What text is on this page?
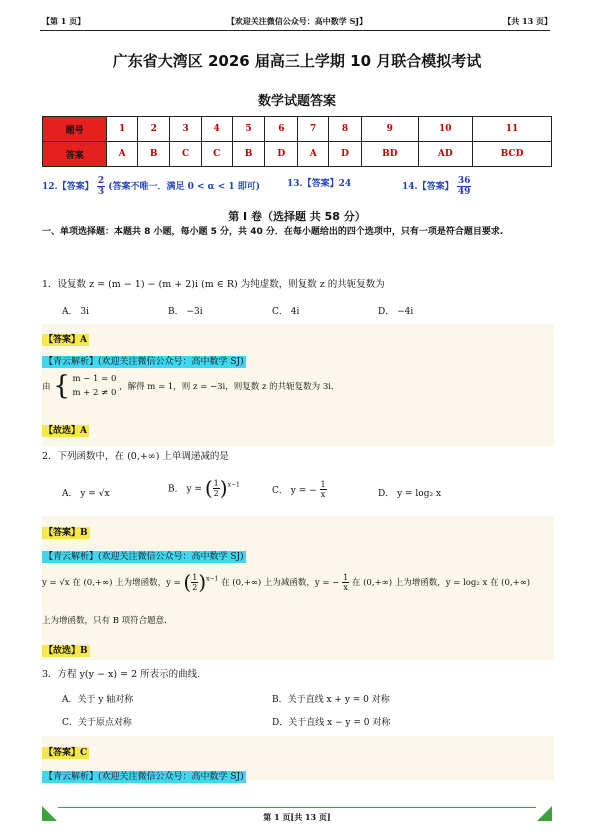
【第 1 页】	【欢迎关注微信公众号：高中数学 SJ】	【共 13 页】
广东省大湾区 2026 届高三上学期 10 月联合模拟考试
数学试题答案
题号	1	2	3	4	5	6	7	8	9	10	11
答案	A	B	C	C	B	D	A	D	BD	AD	BCD
12.【答案】 $\frac{2}{3}$ (答案不唯一．满足 0 < α < 1 即可)	13.【答案】24	14.【答案】 $\frac{36}{49}$
第 I 卷（选择题 共 58 分）
一、单项选择题：本题共 8 小题，每小题 5 分，共 40 分．在每小题给出的四个选项中，只有一项是符合题目要求.
1．设复数 z = (m − 1) − (m + 2)i (m ∈ R) 为纯虚数，则复数 z 的共轭复数为
A． 3i	B． −3i	C． 4i	D． −4i
【答案】A
【青云解析】(欢迎关注微信公众号：高中数学 SJ)
由 { m − 1 = 0
m + 2 ≠ 0
，解得 m = 1，则 z = −3i，则复数 z 的共轭复数为 3i．
【故选】A
2．下列函数中，在 (0,+∞) 上单调递减的是
A． y = √x	B． y = ( $\frac{1}{2} )^{x-1}$
C． y = − $\frac{1}{x}$	D． y = log₂ x
【答案】B
【青云解析】(欢迎关注微信公众号：高中数学 SJ)
y = √x 在 (0,+∞) 上为增函数，y = ( $\frac{1}{2} )^{x-1}$ 在 (0,+∞) 上为减函数，y = − $\frac{1}{x}$ 在 (0,+∞) 上为增函数，y = log₂ x 在 (0,+∞)
上为增函数，只有 B 项符合题意．
【故选】B
3．方程 y(y − x) = 2 所表示的曲线.
A．关于 y 轴对称	B．关于直线 x + y = 0 对称
C．关于原点对称	D．关于直线 x − y = 0 对称
【答案】C
【青云解析】(欢迎关注微信公众号：高中数学 SJ)
第 1 页[共 13 页]
